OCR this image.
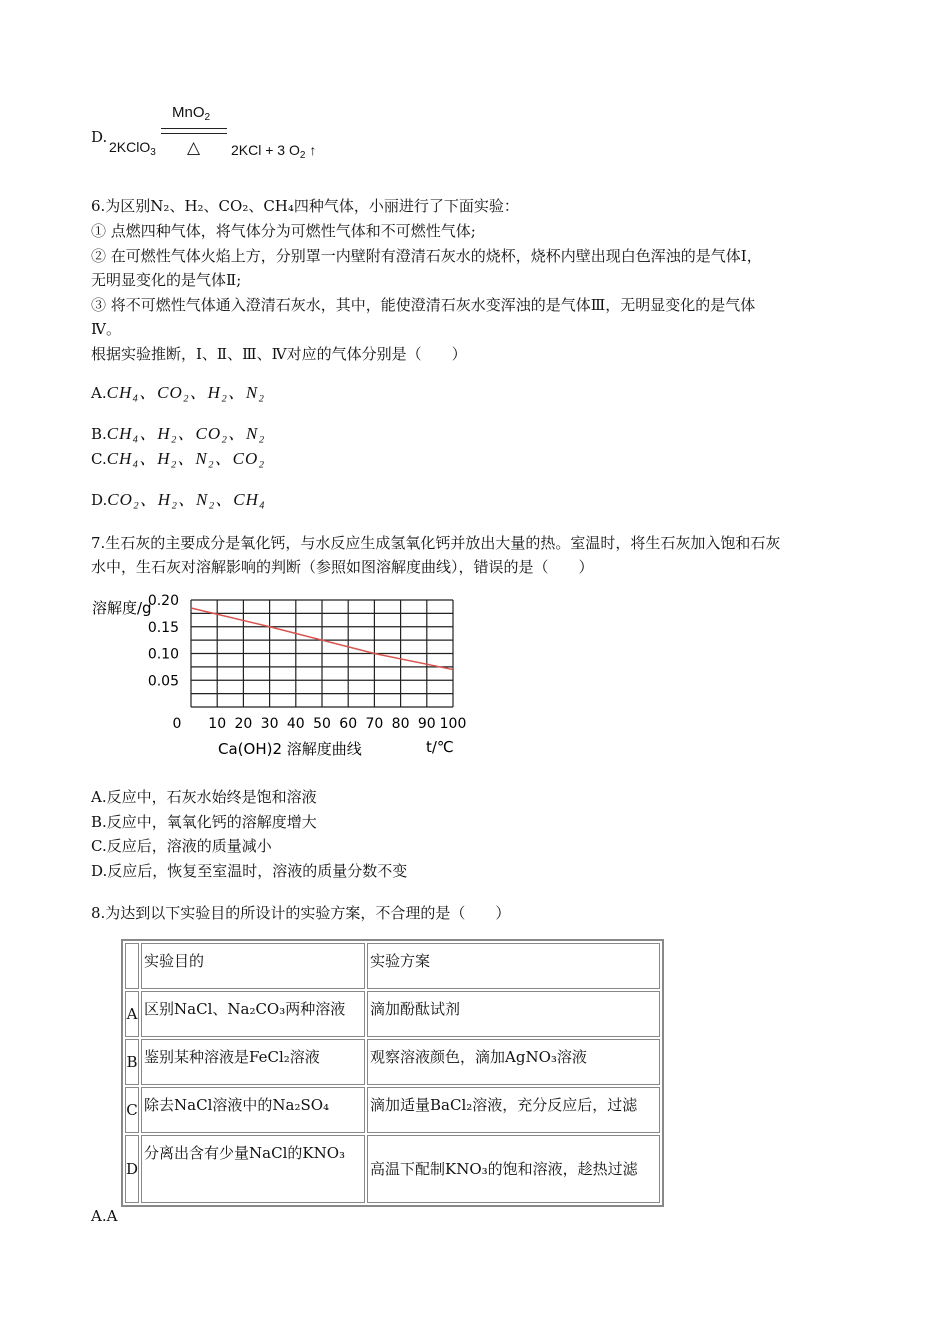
D.
2KClO$_3$
MnO$_2$
△ 2KCl + 3 $O_2$ ↑
6.为区别N₂、H₂、CO₂、CH₄四种气体，小丽进行了下面实验：
① 点燃四种气体，将气体分为可燃性气体和不可燃性气体;
② 在可燃性气体火焰上方，分别罩一内壁附有澄清石灰水的烧杯，烧杯内壁出现白色浑浊的是气体Ⅰ，
无明显变化的是气体Ⅱ;
③ 将不可燃性气体通入澄清石灰水，其中，能使澄清石灰水变浑浊的是气体Ⅲ，无明显变化的是气体
Ⅳ。
根据实验推断，Ⅰ、Ⅱ、Ⅲ、Ⅳ对应的气体分别是（　　）
A.CH₄、CO₂、H₂、N₂
B.CH₄、H₂、CO₂、N₂
C.CH₄、H₂、N₂、CO₂
D.CO₂、H₂、N₂、CH₄
7.生石灰的主要成分是氧化钙，与水反应生成氢氧化钙并放出大量的热。室温时，将生石灰加入饱和石灰
水中，生石灰对溶解影响的判断（参照如图溶解度曲线），错误的是（　　）
0.05
0.10
0.15
0.20
0 10 20 30 40 50 60 70 80 90 100
溶解度/g
Ca(OH)2 溶解度曲线	t/℃
A.反应中，石灰水始终是饱和溶液
B.反应中，氧氧化钙的溶解度增大
C.反应后，溶液的质量减小
D.反应后，恢复至室温时，溶液的质量分数不变
8.为达到以下实验目的所设计的实验方案，不合理的是（　　）
	实验目的	实验方案
A	区别NaCl、Na₂CO₃两种溶液	滴加酚酞试剂
B	鉴别某种溶液是FeCl₂溶液	观察溶液颜色，滴加AgNO₃溶液
C	除去NaCl溶液中的Na₂SO₄	滴加适量BaCl₂溶液，充分反应后，过滤
D	分离出含有少量NaCl的KNO₃	高温下配制KNO₃的饱和溶液，趁热过滤
A.A
